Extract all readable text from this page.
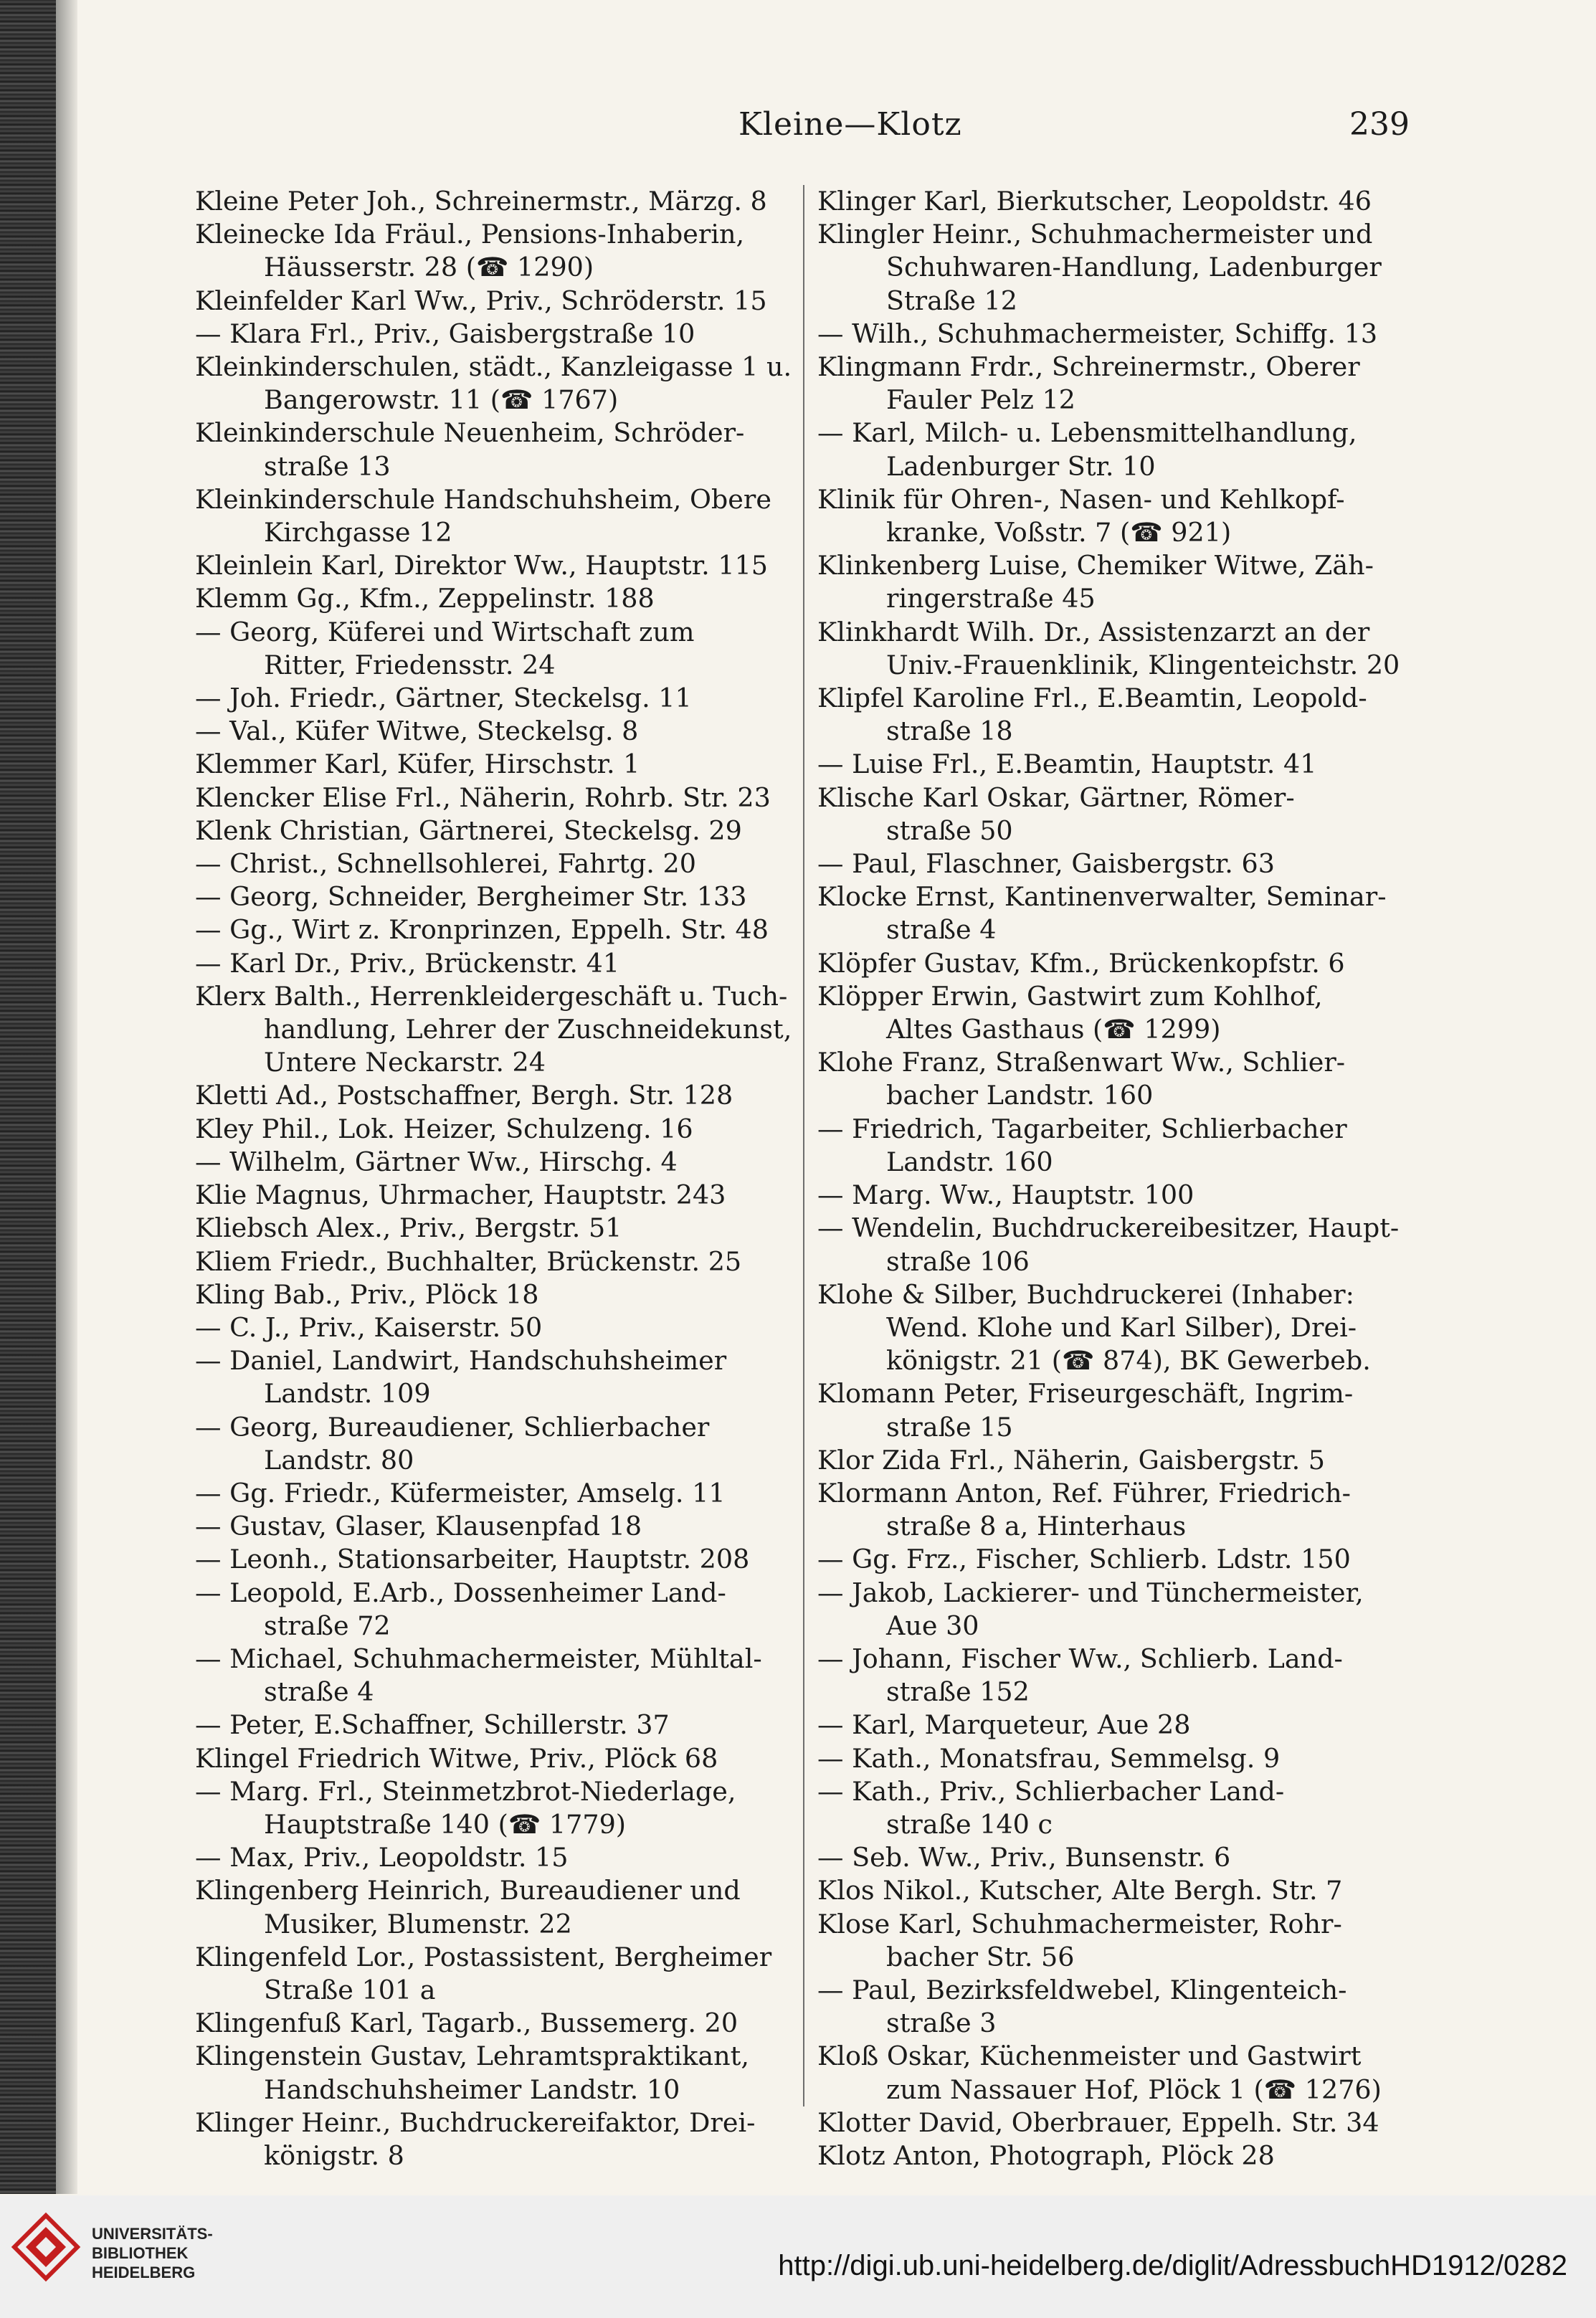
Kleine—Klotz	239
Kleine Peter Joh., Schreinermstr., Märzg. 8
Kleinecke Ida Fräul., Pensions-Inhaberin,
Häusserstr. 28 (☎ 1290)
Kleinfelder Karl Ww., Priv., Schröderstr. 15
— Klara Frl., Priv., Gaisbergstraße 10
Kleinkinderschulen, städt., Kanzleigasse 1 u.
Bangerowstr. 11 (☎ 1767)
Kleinkinderschule Neuenheim, Schröder-
straße 13
Kleinkinderschule Handschuhsheim, Obere
Kirchgasse 12
Kleinlein Karl, Direktor Ww., Hauptstr. 115
Klemm Gg., Kfm., Zeppelinstr. 188
— Georg, Küferei und Wirtschaft zum
Ritter, Friedensstr. 24
— Joh. Friedr., Gärtner, Steckelsg. 11
— Val., Küfer Witwe, Steckelsg. 8
Klemmer Karl, Küfer, Hirschstr. 1
Klencker Elise Frl., Näherin, Rohrb. Str. 23
Klenk Christian, Gärtnerei, Steckelsg. 29
— Christ., Schnellsohlerei, Fahrtg. 20
— Georg, Schneider, Bergheimer Str. 133
— Gg., Wirt z. Kronprinzen, Eppelh. Str. 48
— Karl Dr., Priv., Brückenstr. 41
Klerx Balth., Herrenkleidergeschäft u. Tuch-
handlung, Lehrer der Zuschneidekunst,
Untere Neckarstr. 24
Kletti Ad., Postschaffner, Bergh. Str. 128
Kley Phil., Lok. Heizer, Schulzeng. 16
— Wilhelm, Gärtner Ww., Hirschg. 4
Klie Magnus, Uhrmacher, Hauptstr. 243
Kliebsch Alex., Priv., Bergstr. 51
Kliem Friedr., Buchhalter, Brückenstr. 25
Kling Bab., Priv., Plöck 18
— C. J., Priv., Kaiserstr. 50
— Daniel, Landwirt, Handschuhsheimer
Landstr. 109
— Georg, Bureaudiener, Schlierbacher
Landstr. 80
— Gg. Friedr., Küfermeister, Amselg. 11
— Gustav, Glaser, Klausenpfad 18
— Leonh., Stationsarbeiter, Hauptstr. 208
— Leopold, E.Arb., Dossenheimer Land-
straße 72
— Michael, Schuhmachermeister, Mühltal-
straße 4
— Peter, E.Schaffner, Schillerstr. 37
Klingel Friedrich Witwe, Priv., Plöck 68
— Marg. Frl., Steinmetzbrot-Niederlage,
Hauptstraße 140 (☎ 1779)
— Max, Priv., Leopoldstr. 15
Klingenberg Heinrich, Bureaudiener und
Musiker, Blumenstr. 22
Klingenfeld Lor., Postassistent, Bergheimer
Straße 101 a
Klingenfuß Karl, Tagarb., Bussemerg. 20
Klingenstein Gustav, Lehramtspraktikant,
Handschuhsheimer Landstr. 10
Klinger Heinr., Buchdruckereifaktor, Drei-
königstr. 8
Klinger Karl, Bierkutscher, Leopoldstr. 46
Klingler Heinr., Schuhmachermeister und
Schuhwaren-Handlung, Ladenburger
Straße 12
— Wilh., Schuhmachermeister, Schiffg. 13
Klingmann Frdr., Schreinermstr., Oberer
Fauler Pelz 12
— Karl, Milch- u. Lebensmittelhandlung,
Ladenburger Str. 10
Klinik für Ohren-, Nasen- und Kehlkopf-
kranke, Voßstr. 7 (☎ 921)
Klinkenberg Luise, Chemiker Witwe, Zäh-
ringerstraße 45
Klinkhardt Wilh. Dr., Assistenzarzt an der
Univ.-Frauenklinik, Klingenteichstr. 20
Klipfel Karoline Frl., E.Beamtin, Leopold-
straße 18
— Luise Frl., E.Beamtin, Hauptstr. 41
Klische Karl Oskar, Gärtner, Römer-
straße 50
— Paul, Flaschner, Gaisbergstr. 63
Klocke Ernst, Kantinenverwalter, Seminar-
straße 4
Klöpfer Gustav, Kfm., Brückenkopfstr. 6
Klöpper Erwin, Gastwirt zum Kohlhof,
Altes Gasthaus (☎ 1299)
Klohe Franz, Straßenwart Ww., Schlier-
bacher Landstr. 160
— Friedrich, Tagarbeiter, Schlierbacher
Landstr. 160
— Marg. Ww., Hauptstr. 100
— Wendelin, Buchdruckereibesitzer, Haupt-
straße 106
Klohe & Silber, Buchdruckerei (Inhaber:
Wend. Klohe und Karl Silber), Drei-
königstr. 21 (☎ 874), BK Gewerbeb.
Klomann Peter, Friseurgeschäft, Ingrim-
straße 15
Klor Zida Frl., Näherin, Gaisbergstr. 5
Klormann Anton, Ref. Führer, Friedrich-
straße 8 a, Hinterhaus
— Gg. Frz., Fischer, Schlierb. Ldstr. 150
— Jakob, Lackierer- und Tünchermeister,
Aue 30
— Johann, Fischer Ww., Schlierb. Land-
straße 152
— Karl, Marqueteur, Aue 28
— Kath., Monatsfrau, Semmelsg. 9
— Kath., Priv., Schlierbacher Land-
straße 140 c
— Seb. Ww., Priv., Bunsenstr. 6
Klos Nikol., Kutscher, Alte Bergh. Str. 7
Klose Karl, Schuhmachermeister, Rohr-
bacher Str. 56
— Paul, Bezirksfeldwebel, Klingenteich-
straße 3
Kloß Oskar, Küchenmeister und Gastwirt
zum Nassauer Hof, Plöck 1 (☎ 1276)
Klotter David, Oberbrauer, Eppelh. Str. 34
Klotz Anton, Photograph, Plöck 28
UNIVERSITÄTS-
BIBLIOTHEK
HEIDELBERG	http://digi.ub.uni-heidelberg.de/diglit/AdressbuchHD1912/0282
